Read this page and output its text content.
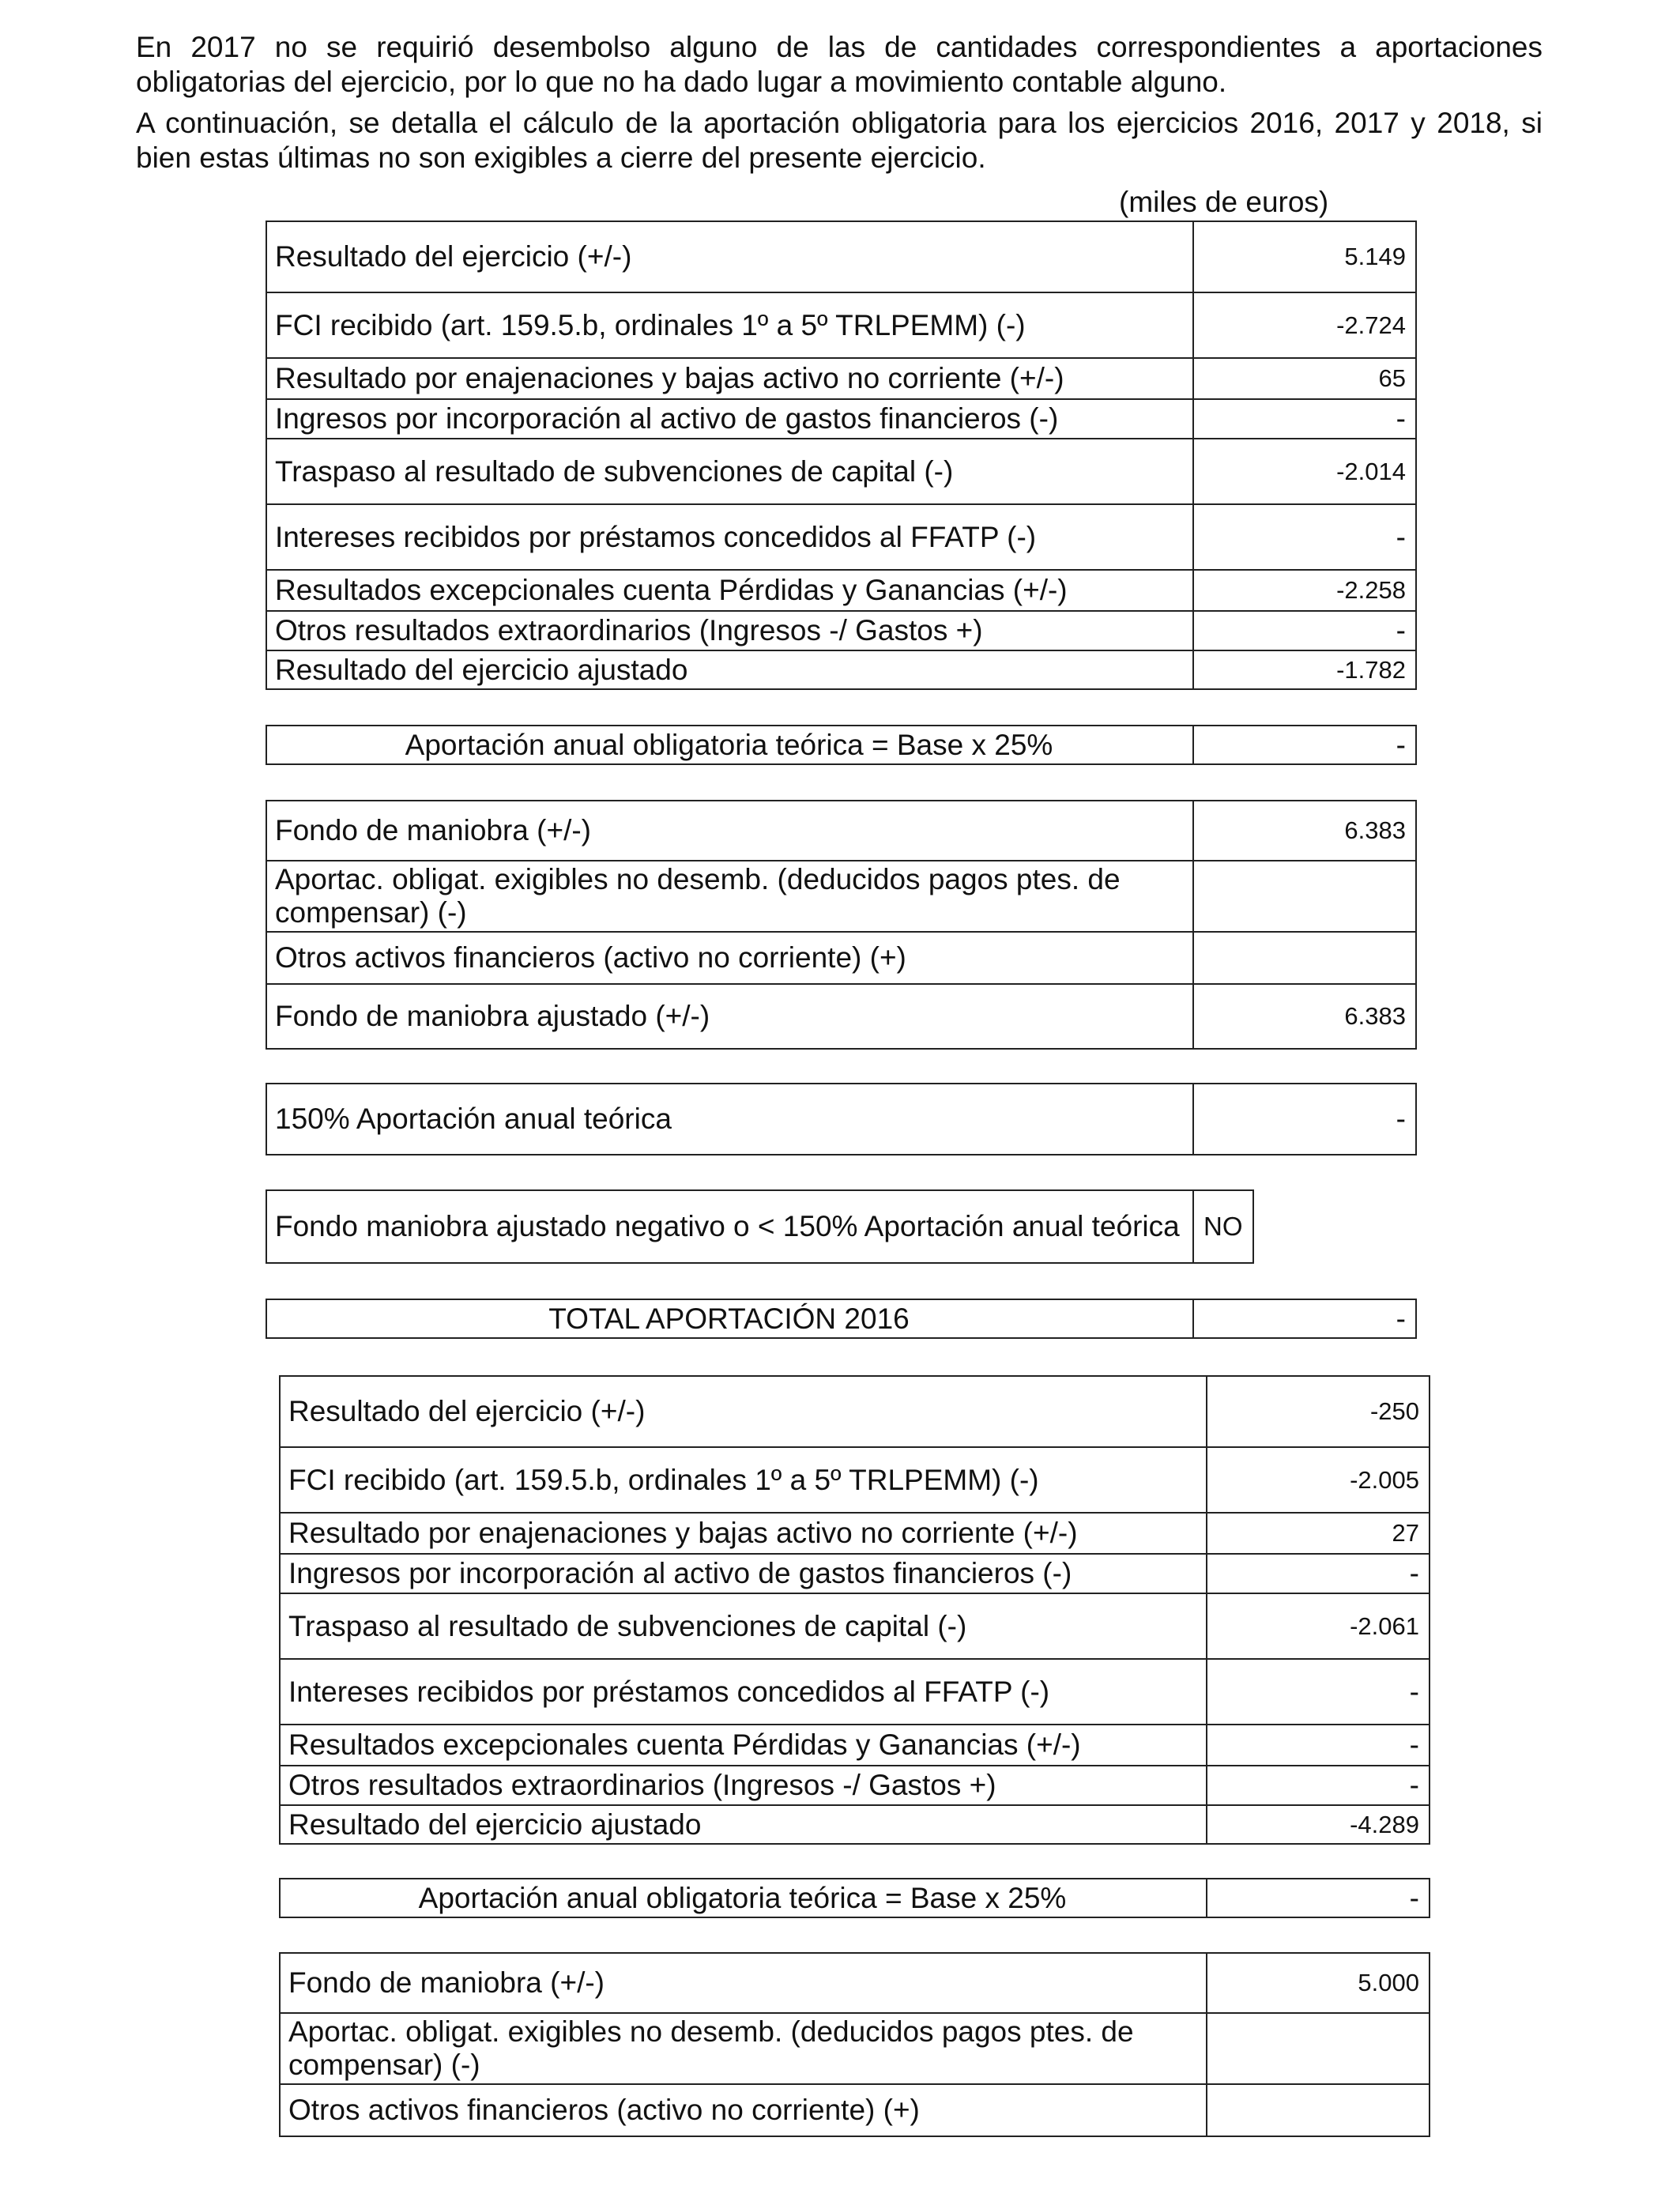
En 2017 no se requirió desembolso alguno de las de cantidades correspondientes a aportaciones obligatorias del ejercicio, por lo que no ha dado lugar a movimiento contable alguno.

A continuación, se detalla el cálculo de la aportación obligatoria para los ejercicios 2016, 2017 y 2018, si bien estas últimas no son exigibles a cierre del presente ejercicio.

(miles de euros)
Resultado del ejercicio (+/-)	5.149
FCI recibido (art. 159.5.b, ordinales 1º a 5º TRLPEMM) (-)	-2.724
Resultado por enajenaciones y bajas activo no corriente (+/-)	65
Ingresos por incorporación al activo de gastos financieros (-)	-
Traspaso al resultado de subvenciones de capital (-)	-2.014
Intereses recibidos por préstamos concedidos al FFATP (-)	-
Resultados excepcionales cuenta Pérdidas y Ganancias (+/-)	-2.258
Otros resultados extraordinarios (Ingresos -/ Gastos +)	-
Resultado del ejercicio ajustado	-1.782
Aportación anual obligatoria teórica = Base x 25%	-
Fondo de maniobra (+/-)	6.383
Aportac. obligat. exigibles no desemb. (deducidos pagos ptes. de compensar) (-)	
Otros activos financieros (activo no corriente) (+)	
Fondo de maniobra ajustado (+/-)	6.383
150% Aportación anual teórica	-
Fondo maniobra ajustado negativo o < 150% Aportación anual teórica	NO
TOTAL APORTACIÓN 2016	-
Resultado del ejercicio (+/-)	-250
FCI recibido (art. 159.5.b, ordinales 1º a 5º TRLPEMM) (-)	-2.005
Resultado por enajenaciones y bajas activo no corriente (+/-)	27
Ingresos por incorporación al activo de gastos financieros (-)	-
Traspaso al resultado de subvenciones de capital (-)	-2.061
Intereses recibidos por préstamos concedidos al FFATP (-)	-
Resultados excepcionales cuenta Pérdidas y Ganancias (+/-)	-
Otros resultados extraordinarios (Ingresos -/ Gastos +)	-
Resultado del ejercicio ajustado	-4.289
Aportación anual obligatoria teórica = Base x 25%	-
Fondo de maniobra (+/-)	5.000
Aportac. obligat. exigibles no desemb. (deducidos pagos ptes. de compensar) (-)	
Otros activos financieros (activo no corriente) (+)	
